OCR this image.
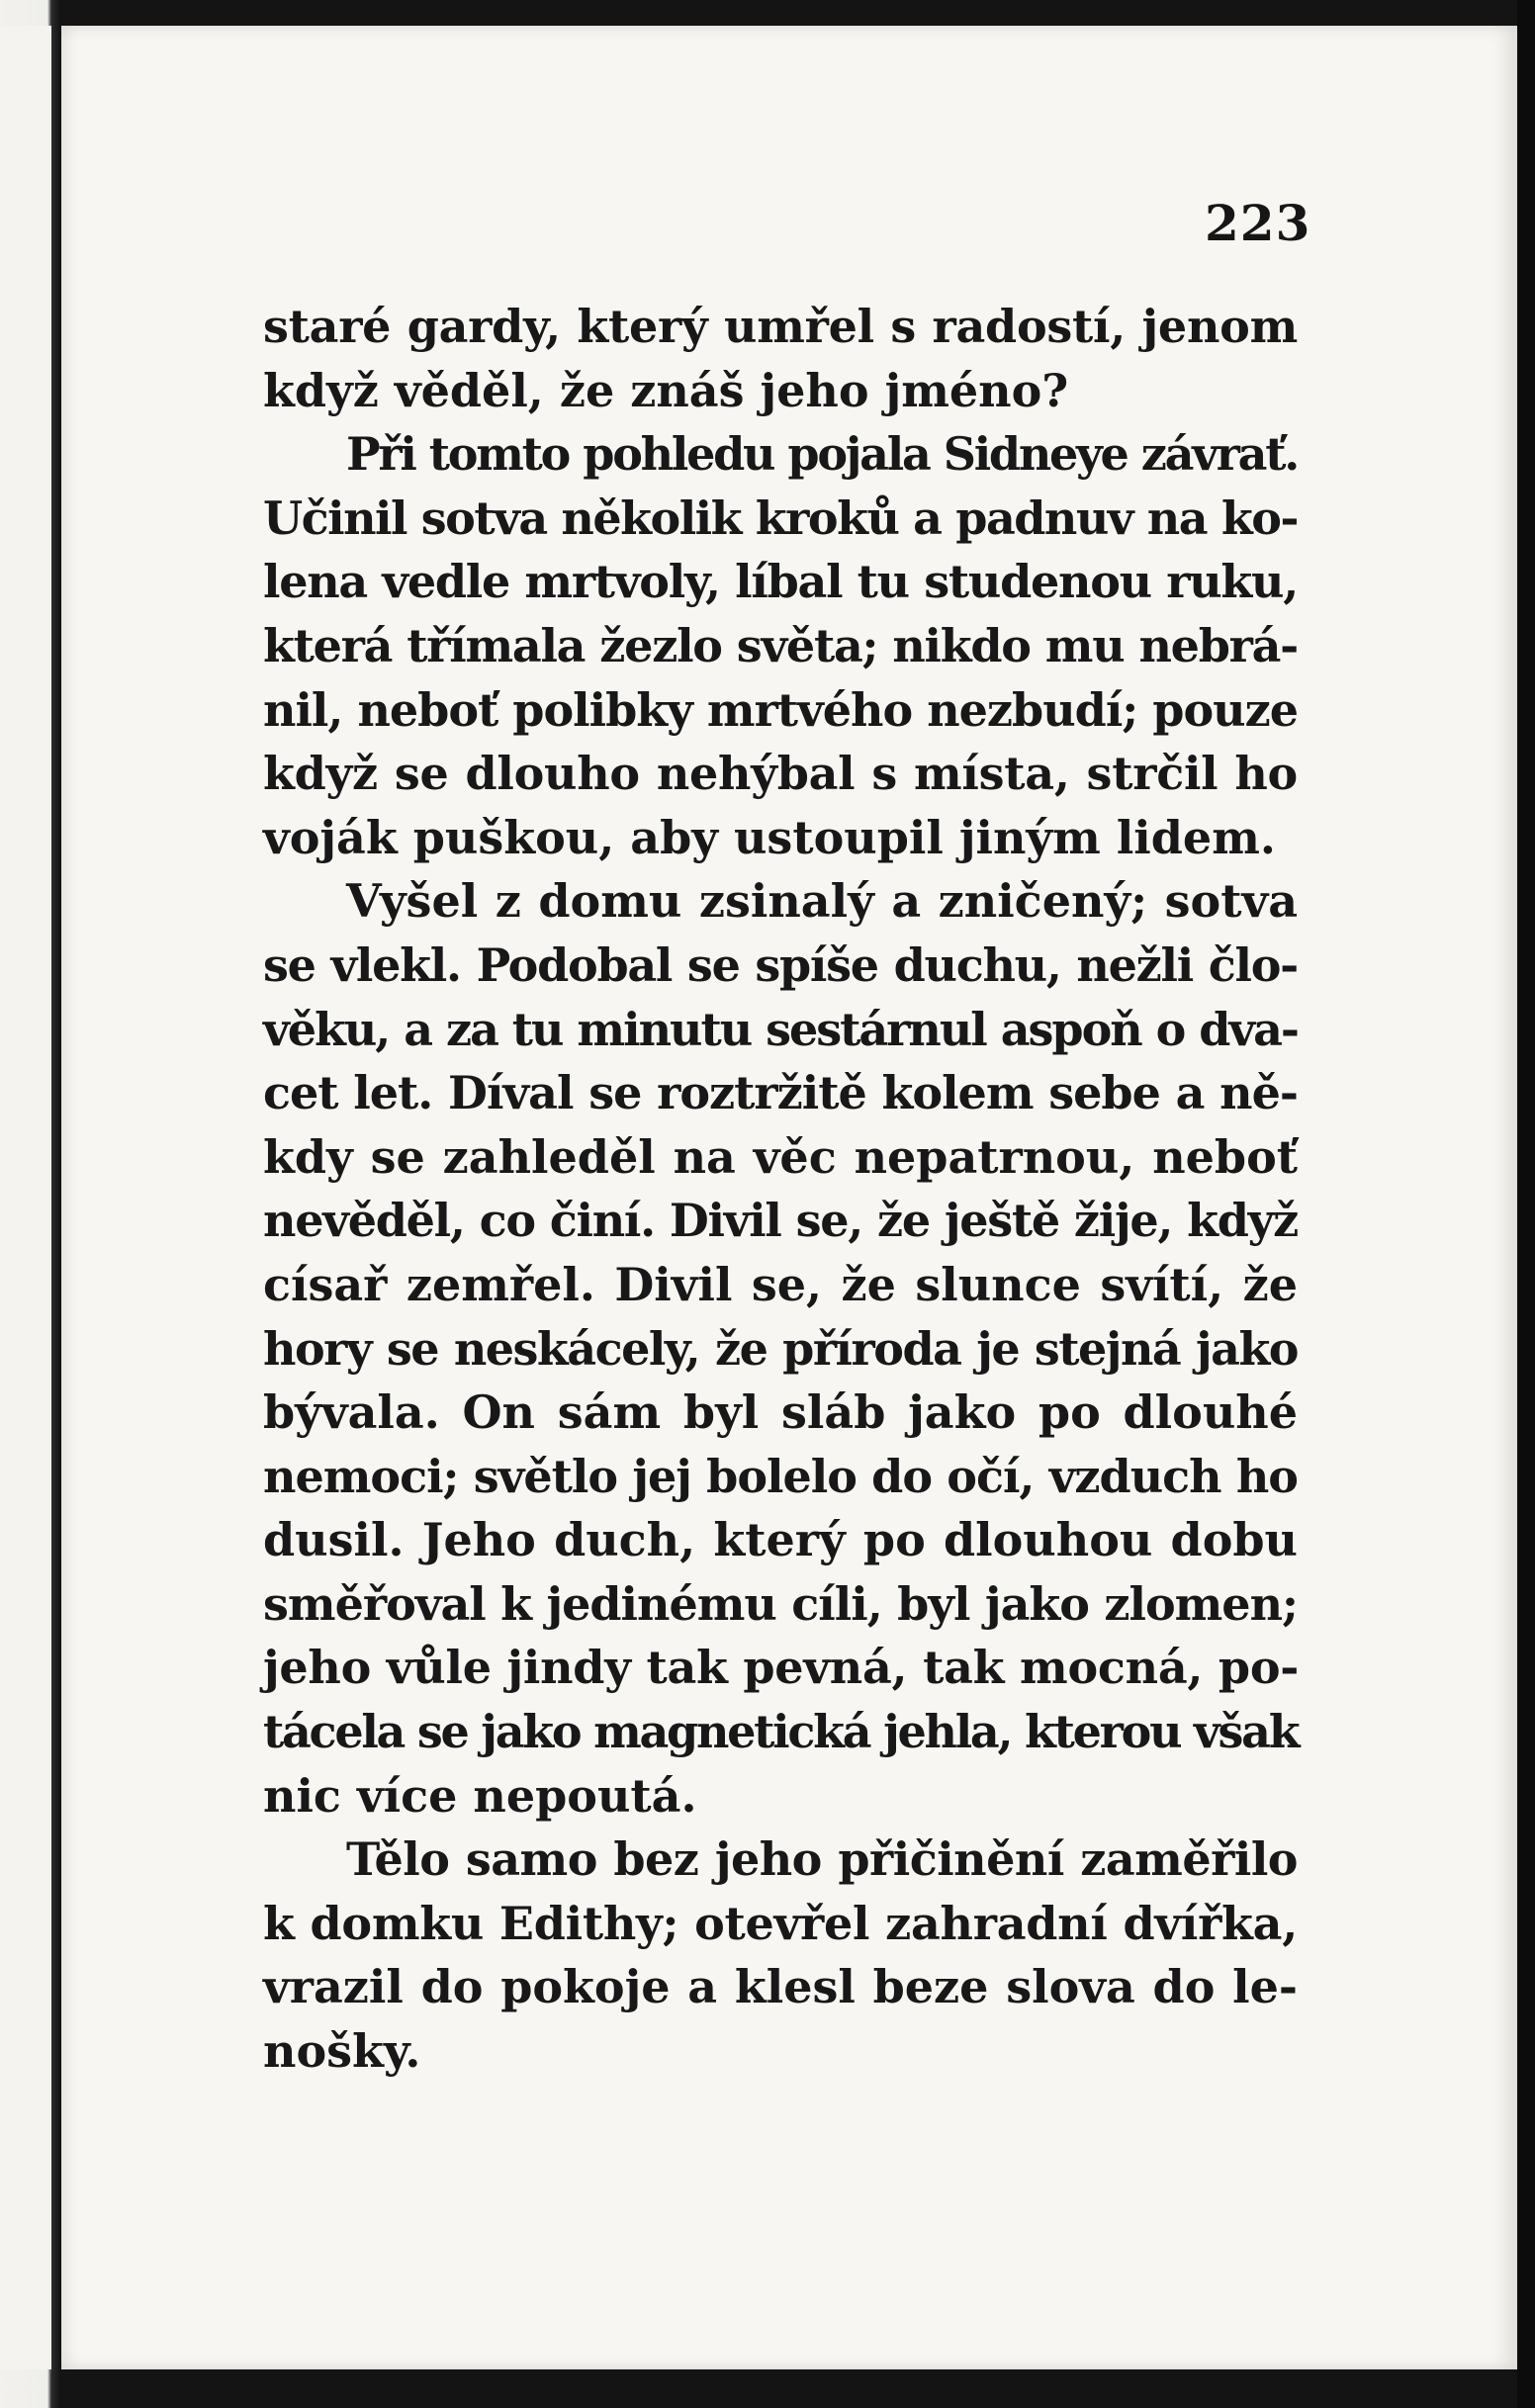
223
staré gardy, který umřel s radostí, jenom
když věděl, že znáš jeho jméno?
Při tomto pohledu pojala Sidneye závrať.
Učinil sotva několik kroků a padnuv na ko-
lena vedle mrtvoly, líbal tu studenou ruku,
která třímala žezlo světa; nikdo mu nebrá-
nil, neboť polibky mrtvého nezbudí; pouze
když se dlouho nehýbal s místa, strčil ho
voják puškou, aby ustoupil jiným lidem.
Vyšel z domu zsinalý a zničený; sotva
se vlekl. Podobal se spíše duchu, nežli člo-
věku, a za tu minutu sestárnul aspoň o dva-
cet let. Díval se roztržitě kolem sebe a ně-
kdy se zahleděl na věc nepatrnou, neboť
nevěděl, co činí. Divil se, že ještě žije, když
císař zemřel. Divil se, že slunce svítí, že
hory se neskácely, že příroda je stejná jako
bývala. On sám byl sláb jako po dlouhé
nemoci; světlo jej bolelo do očí, vzduch ho
dusil. Jeho duch, který po dlouhou dobu
směřoval k jedinému cíli, byl jako zlomen;
jeho vůle jindy tak pevná, tak mocná, po-
tácela se jako magnetická jehla, kterou však
nic více nepoutá.
Tělo samo bez jeho přičinění zaměřilo
k domku Edithy; otevřel zahradní dvířka,
vrazil do pokoje a klesl beze slova do le-
nošky.
